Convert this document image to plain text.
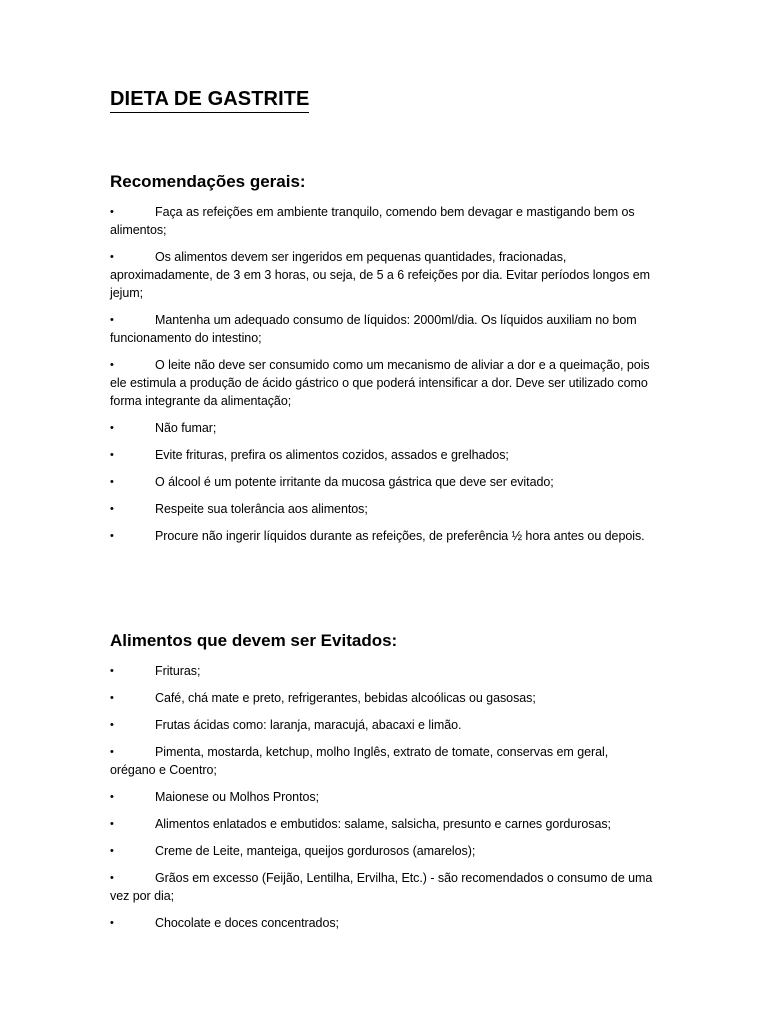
DIETA DE GASTRITE
Recomendações gerais:
•	Faça as refeições em ambiente tranquilo, comendo bem devagar e mastigando bem os alimentos;
•	Os alimentos devem ser ingeridos em pequenas quantidades, fracionadas, aproximadamente, de 3 em 3 horas, ou seja, de 5 a 6 refeições por dia. Evitar períodos longos em jejum;
•	Mantenha um adequado consumo de líquidos: 2000ml/dia. Os líquidos auxiliam no bom funcionamento do intestino;
•	O leite não deve ser consumido como um mecanismo de aliviar a dor e a queimação, pois ele estimula a produção de ácido gástrico o que poderá intensificar a dor. Deve ser utilizado como forma integrante da alimentação;
•	Não fumar;
•	Evite frituras, prefira os alimentos cozidos, assados e grelhados;
•	O álcool é um potente irritante da mucosa gástrica que deve ser evitado;
•	Respeite sua tolerância aos alimentos;
•	Procure não ingerir líquidos durante as refeições, de preferência ½ hora antes ou depois.
Alimentos que devem ser Evitados:
•	Frituras;
•	Café, chá mate e preto, refrigerantes, bebidas alcoólicas ou gasosas;
•	Frutas ácidas como: laranja, maracujá, abacaxi e limão.
•	Pimenta, mostarda, ketchup, molho Inglês, extrato de tomate, conservas em geral, orégano e Coentro;
•	Maionese ou Molhos Prontos;
•	Alimentos enlatados e embutidos: salame, salsicha, presunto e carnes gordurosas;
•	Creme de Leite, manteiga, queijos gordurosos (amarelos);
•	Grãos em excesso (Feijão, Lentilha, Ervilha, Etc.) - são recomendados o consumo de uma vez por dia;
•	Chocolate e doces concentrados;
